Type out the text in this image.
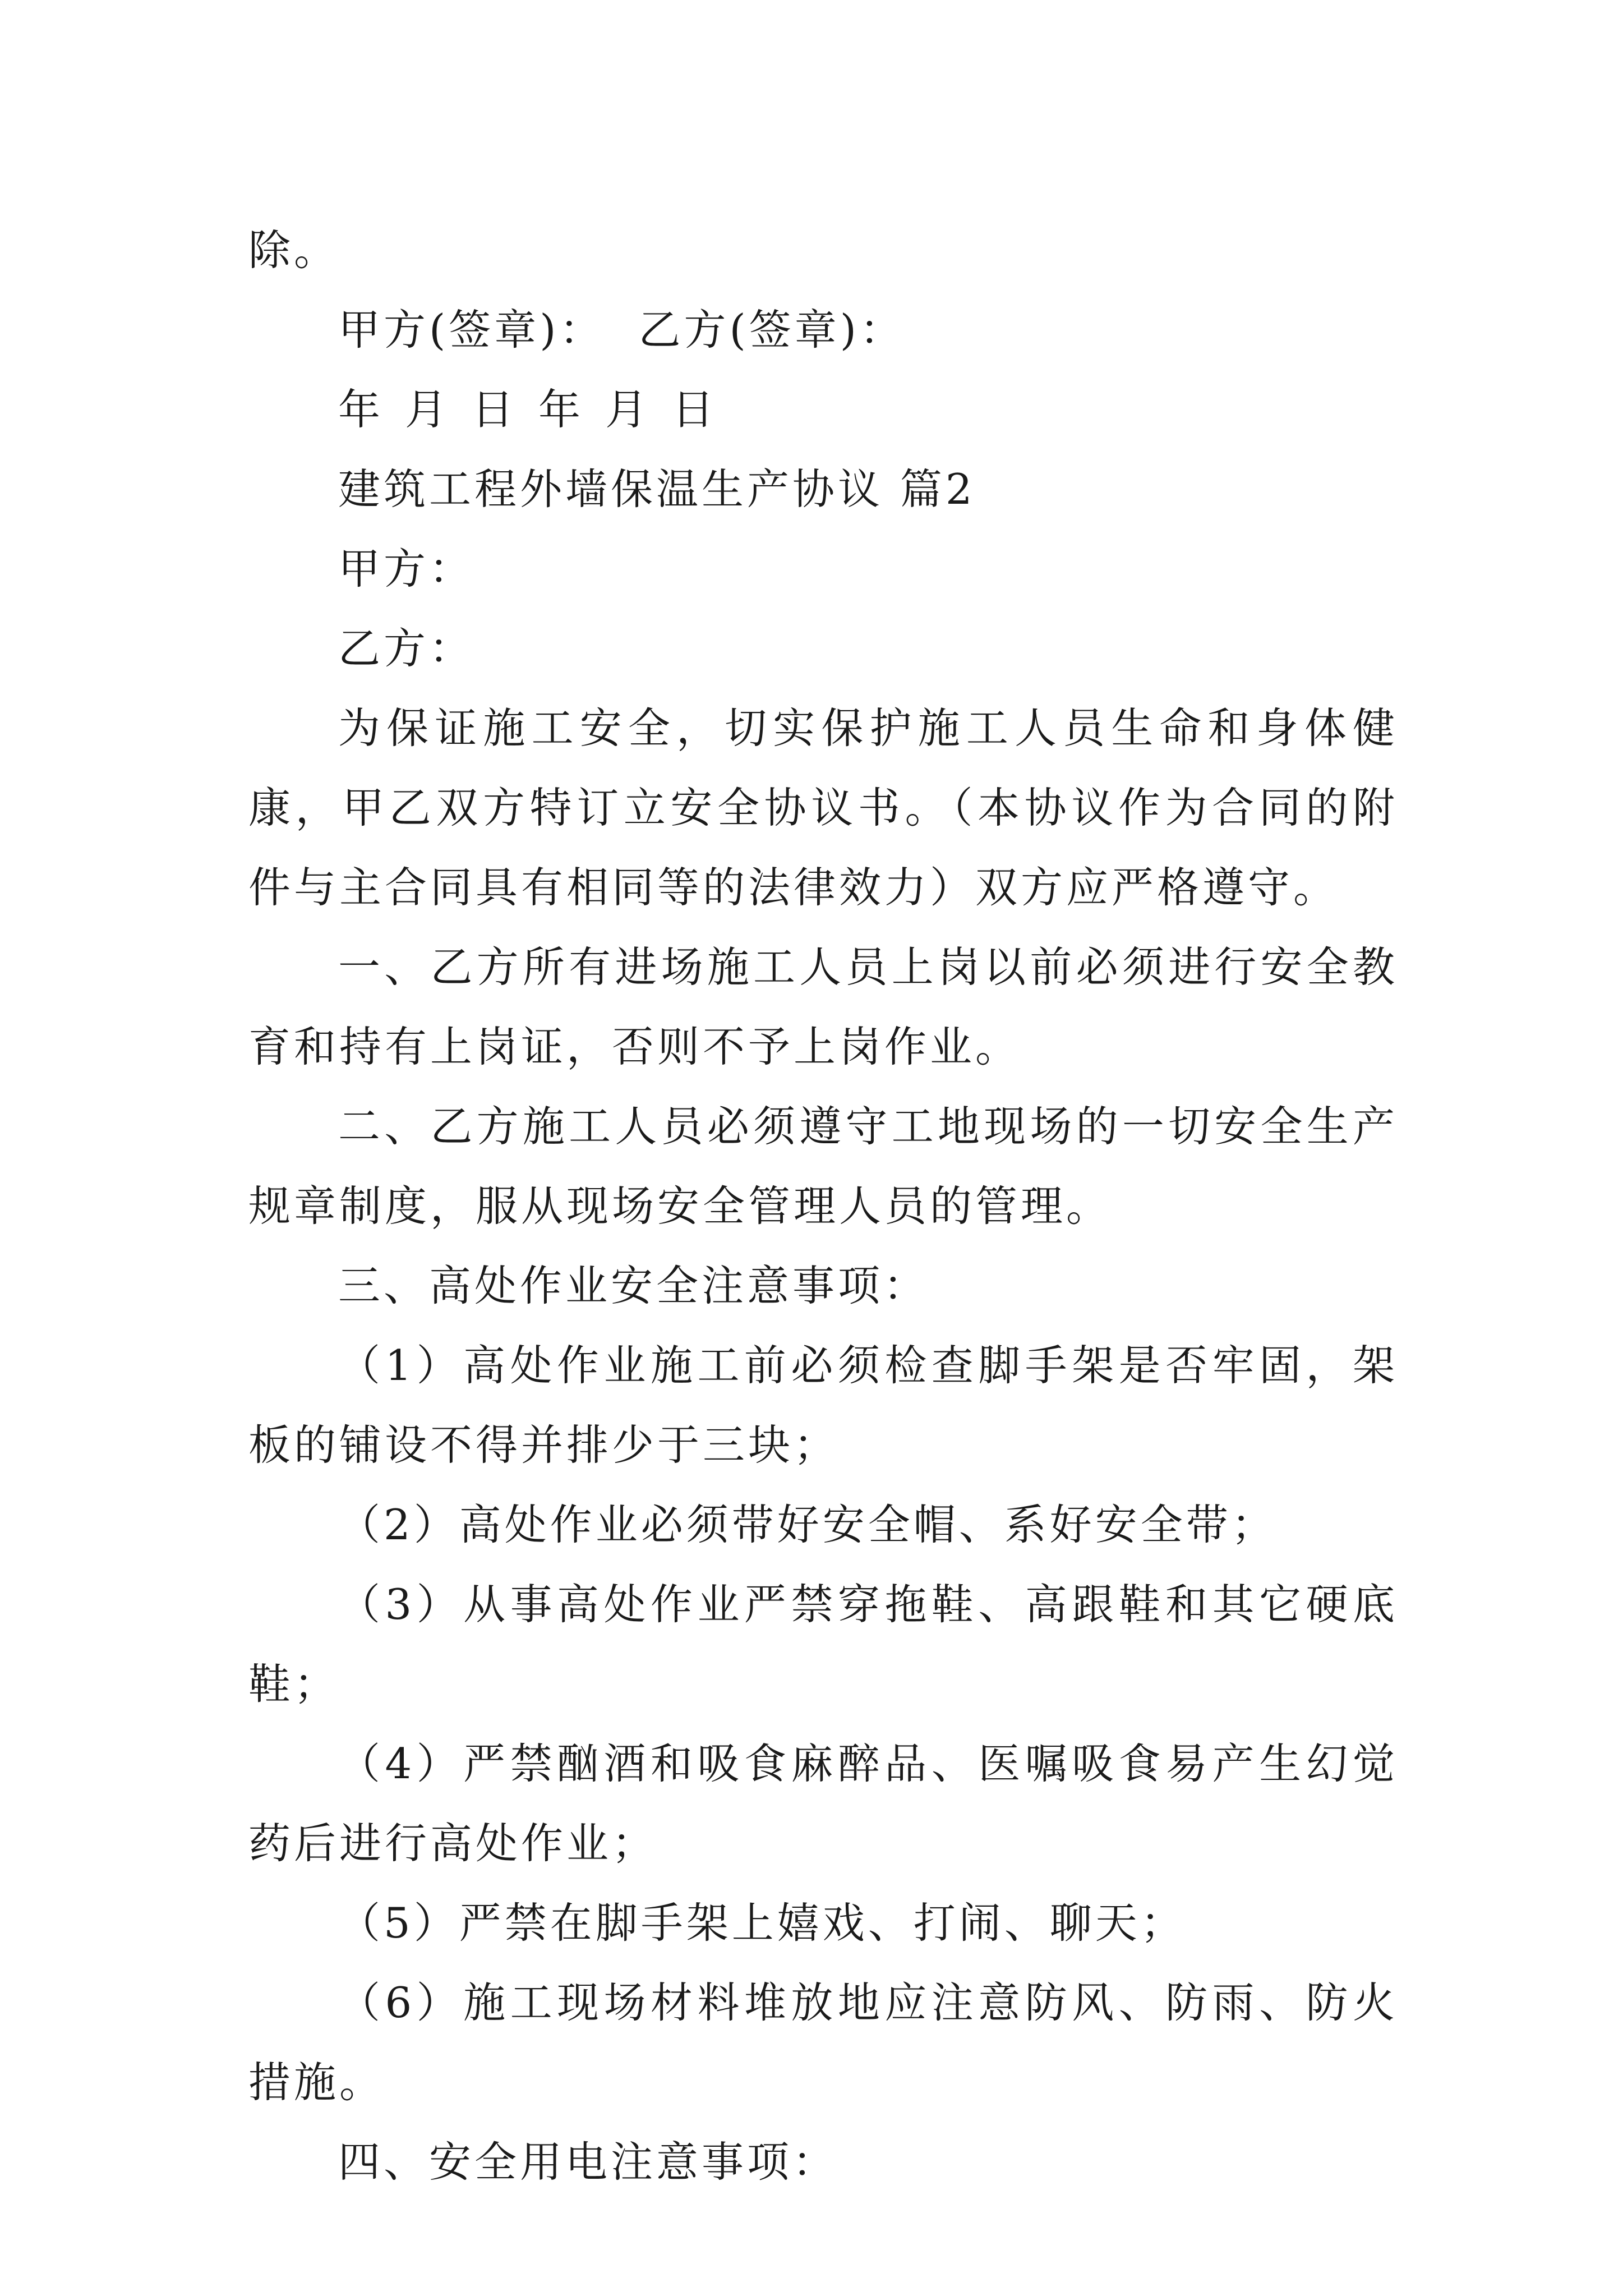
除。

甲方(签章)： 乙方(签章)：

年 月 日 年 月 日

建筑工程外墙保温生产协议 篇2

甲方：

乙方：

为保证施工安全，切实保护施工人员生命和身体健康，甲乙双方特订立安全协议书。（本协议作为合同的附件与主合同具有相同等的法律效力）双方应严格遵守。

一、乙方所有进场施工人员上岗以前必须进行安全教育和持有上岗证，否则不予上岗作业。

二、乙方施工人员必须遵守工地现场的一切安全生产规章制度，服从现场安全管理人员的管理。

三、高处作业安全注意事项：

（1）高处作业施工前必须检查脚手架是否牢固，架板的铺设不得并排少于三块；

（2）高处作业必须带好安全帽、系好安全带；

（3）从事高处作业严禁穿拖鞋、高跟鞋和其它硬底鞋；

（4）严禁酗酒和吸食麻醉品、医嘱吸食易产生幻觉药后进行高处作业；

（5）严禁在脚手架上嬉戏、打闹、聊天；

（6）施工现场材料堆放地应注意防风、防雨、防火措施。

四、安全用电注意事项：
